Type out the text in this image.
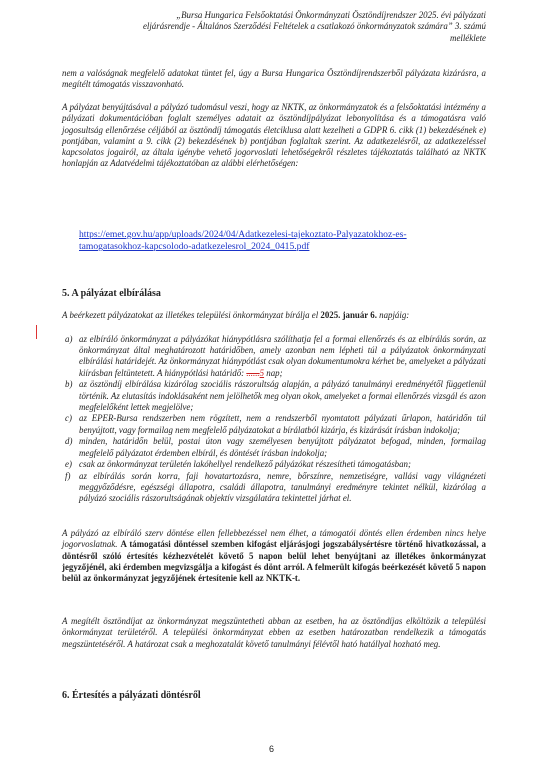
„Bursa Hungarica Felsőoktatási Önkormányzati Ösztöndíjrendszer 2025. évi pályázati
eljárásrendje - Általános Szerződési Feltételek a csatlakozó önkormányzatok számára” 3. számú
melléklete
nem a valóságnak megfelelő adatokat tüntet fel, úgy a Bursa Hungarica Ösztöndíjrendszerből pályázata kizárásra, a megítélt támogatás visszavonható.
A pályázat benyújtásával a pályázó tudomásul veszi, hogy az NKTK, az önkormányzatok és a felsőoktatási intézmény a pályázati dokumentációban foglalt személyes adatait az ösztöndíjpályázat lebonyolítása és a támogatásra való jogosultság ellenőrzése céljából az ösztöndíj támogatás életciklusa alatt kezelheti a GDPR 6. cikk (1) bekezdésének e) pontjában, valamint a 9. cikk (2) bekezdésének b) pontjában foglaltak szerint. Az adatkezelésről, az adatkezeléssel kapcsolatos jogairól, az általa igénybe vehető jogorvoslati lehetőségekről részletes tájékoztatás található az NKTK honlapján az Adatvédelmi tájékoztatóban az alábbi elérhetőségen:
https://emet.gov.hu/app/uploads/2024/04/Adatkezelesi-tajekoztato-Palyazatokhoz-es-
tamogatasokhoz-kapcsolodo-adatkezelesrol_2024_0415.pdf
5. A pályázat elbírálása
A beérkezett pályázatokat az illetékes települési önkormányzat bírálja el 2025. január 6. napjáig:
a) az elbíráló önkormányzat a pályázókat hiánypótlásra szólíthatja fel a formai ellenőrzés és az elbírálás során, az önkormányzat által meghatározott határidőben, amely azonban nem lépheti túl a pályázatok önkormányzati elbírálási határidejét. Az önkormányzat hiánypótlást csak olyan dokumentumokra kérhet be, amelyeket a pályázati kiírásban feltüntetett. A hiánypótlási határidő: ......5 nap;
b) az ösztöndíj elbírálása kizárólag szociális rászorultság alapján, a pályázó tanulmányi eredményétől függetlenül történik. Az elutasítás indoklásaként nem jelölhetők meg olyan okok, amelyeket a formai ellenőrzés vizsgál és azon megfelelőként lettek megjelölve;
c) az EPER-Bursa rendszerben nem rögzített, nem a rendszerből nyomtatott pályázati űrlapon, határidőn túl benyújtott, vagy formailag nem megfelelő pályázatokat a bírálatból kizárja, és kizárását írásban indokolja;
d) minden, határidőn belül, postai úton vagy személyesen benyújtott pályázatot befogad, minden, formailag megfelelő pályázatot érdemben elbírál, és döntését írásban indokolja;
e) csak az önkormányzat területén lakóhellyel rendelkező pályázókat részesítheti támogatásban;
f) az elbírálás során korra, faji hovatartozásra, nemre, bőrszínre, nemzetiségre, vallási vagy világnézeti meggyőződésre, egészségi állapotra, családi állapotra, tanulmányi eredményre tekintet nélkül, kizárólag a pályázó szociális rászorultságának objektív vizsgálatára tekintettel járhat el.
A pályázó az elbíráló szerv döntése ellen fellebbezéssel nem élhet, a támogatói döntés ellen érdemben nincs helye jogorvoslatnak. A támogatási döntéssel szemben kifogást eljárásjogi jogszabálysértésre történő hivatkozással, a döntésről szóló értesítés kézhezvételét követő 5 napon belül lehet benyújtani az illetékes önkormányzat jegyzőjénél, aki érdemben megvizsgálja a kifogást és dönt arról. A felmerült kifogás beérkezését követő 5 napon belül az önkormányzat jegyzőjének értesítenie kell az NKTK-t.
A megítélt ösztöndíjat az önkormányzat megszüntetheti abban az esetben, ha az ösztöndíjas elköltözik a települési önkormányzat területéről. A települési önkormányzat ebben az esetben határozatban rendelkezik a támogatás megszüntetéséről. A határozat csak a meghozatalát követő tanulmányi félévtől ható hatállyal hozható meg.
6. Értesítés a pályázati döntésről
6
